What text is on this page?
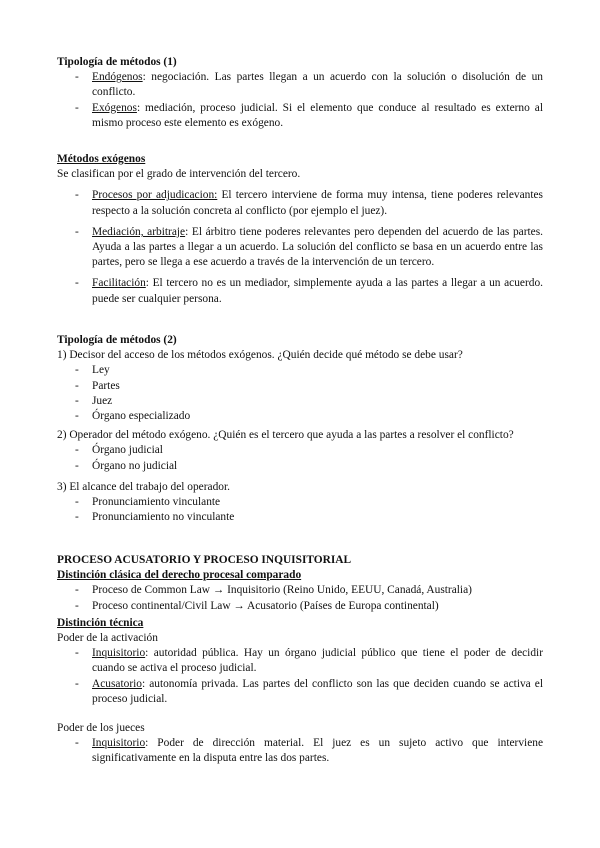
Tipología de métodos (1)
- Endógenos: negociación. Las partes llegan a un acuerdo con la solución o disolución de un conflicto.
- Exógenos: mediación, proceso judicial. Si el elemento que conduce al resultado es externo al mismo proceso este elemento es exógeno.
Métodos exógenos
Se clasifican por el grado de intervención del tercero.
- Procesos por adjudicacion: El tercero interviene de forma muy intensa, tiene poderes relevantes respecto a la solución concreta al conflicto (por ejemplo el juez).
- Mediación, arbitraje: El árbitro tiene poderes relevantes pero dependen del acuerdo de las partes. Ayuda a las partes a llegar a un acuerdo. La solución del conflicto se basa en un acuerdo entre las partes, pero se llega a ese acuerdo a través de la intervención de un tercero.
- Facilitación: El tercero no es un mediador, simplemente ayuda a las partes a llegar a un acuerdo. puede ser cualquier persona.
Tipología de métodos (2)
1) Decisor del acceso de los métodos exógenos. ¿Quién decide qué método se debe usar?
- Ley
- Partes
- Juez
- Órgano especializado
2) Operador del método exógeno. ¿Quién es el tercero que ayuda a las partes a resolver el conflicto?
- Órgano judicial
- Órgano no judicial
3) El alcance del trabajo del operador.
- Pronunciamiento vinculante
- Pronunciamiento no vinculante
PROCESO ACUSATORIO Y PROCESO INQUISITORIAL
Distinción clásica del derecho procesal comparado
- Proceso de Common Law → Inquisitorio (Reino Unido, EEUU, Canadá, Australia)
- Proceso continental/Civil Law → Acusatorio (Países de Europa continental)
Distinción técnica
Poder de la activación
- Inquisitorio: autoridad pública. Hay un órgano judicial público que tiene el poder de decidir cuando se activa el proceso judicial.
- Acusatorio: autonomía privada. Las partes del conflicto son las que deciden cuando se activa el proceso judicial.
Poder de los jueces
- Inquisitorio: Poder de dirección material. El juez es un sujeto activo que interviene significativamente en la disputa entre las dos partes.
